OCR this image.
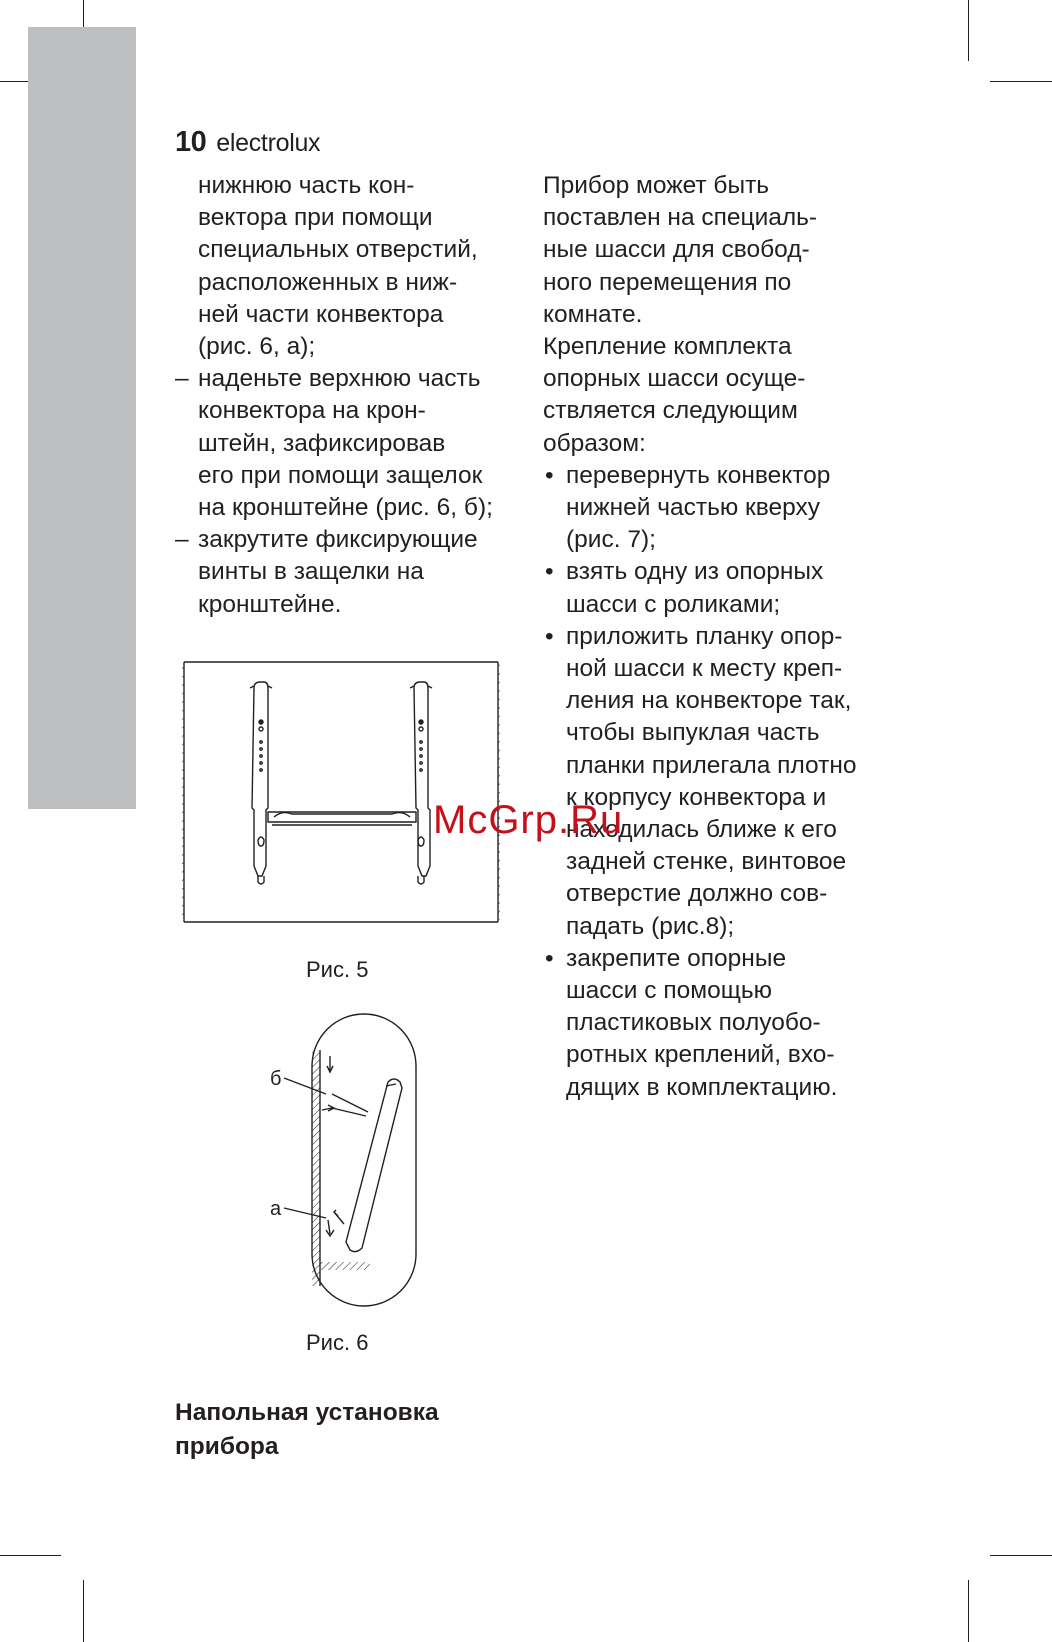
10 electrolux

нижнюю часть кон-

вектора при помощи

специальных отверстий,

расположенных в ниж-

ней части конвектора

(рис. 6, а);

– наденьте верхнюю часть

конвектора на крон-

штейн, зафиксировав

его при помощи защелок

на кронштейне (рис. 6, б);

– закрутите фиксирующие

винты в защелки на

кронштейне.

Прибор может быть

поставлен на специаль-

ные шасси для свобод-

ного перемещения по

комнате.

Крепление комплекта

опорных шасси осуще-

ствляется следующим

образом:

• перевернуть конвектор

нижней частью кверху

(рис. 7);

• взять одну из опорных

шасси с роликами;

• приложить планку опор-

ной шасси к месту креп-

ления на конвекторе так,

чтобы выпуклая часть

планки прилегала плотно

к корпусу конвектора и

находилась ближе к его

задней стенке, винтовое

отверстие должно сов-

падать (рис.8);

• закрепите опорные

шасси с помощью

пластиковых полуобо-

ротных креплений, вхо-

дящих в комплектацию.

Рис. 5
б
а
Рис. 6
Напольная установка прибора
McGrp.Ru
